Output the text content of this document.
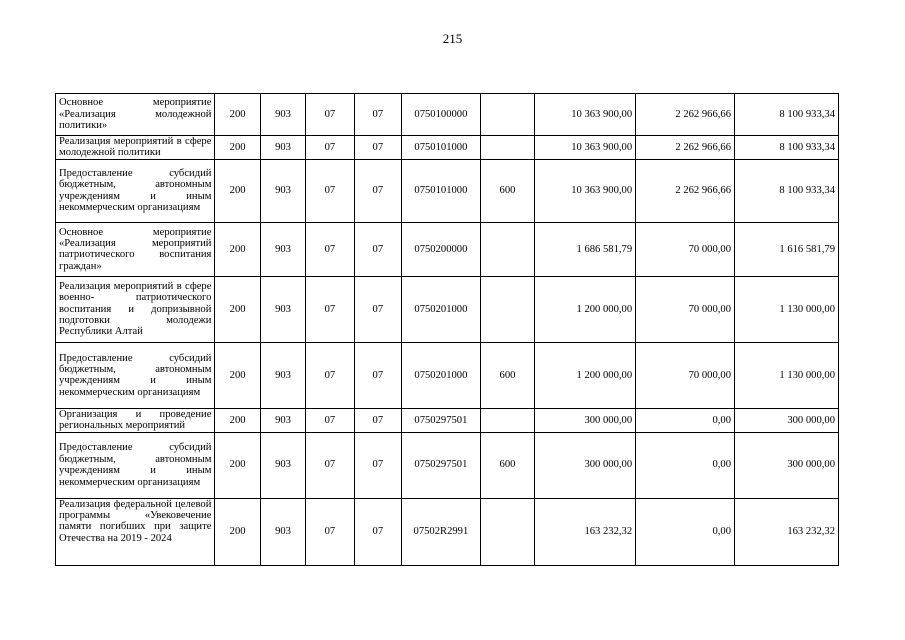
215
Основное мероприятие «Реализация молодежной политики»	200	903	07	07	0750100000		10 363 900,00	2 262 966,66	8 100 933,34

Реализация мероприятий в сфере молодежной политики	200	903	07	07	0750101000		10 363 900,00	2 262 966,66	8 100 933,34

Предоставление субсидий бюджетным, автономным учреждениям и иным некоммерческим организациям	200	903	07	07	0750101000	600	10 363 900,00	2 262 966,66	8 100 933,34

Основное мероприятие «Реализация мероприятий патриотического воспитания граждан»	200	903	07	07	0750200000		1 686 581,79	70 000,00	1 616 581,79

Реализация мероприятий в сфере военно- патриотического воспитания и допризывной подготовки молодежи Республики Алтай	200	903	07	07	0750201000		1 200 000,00	70 000,00	1 130 000,00

Предоставление субсидий бюджетным, автономным учреждениям и иным некоммерческим организациям	200	903	07	07	0750201000	600	1 200 000,00	70 000,00	1 130 000,00

Организация и проведение региональных мероприятий	200	903	07	07	0750297501		300 000,00	0,00	300 000,00

Предоставление субсидий бюджетным, автономным учреждениям и иным некоммерческим организациям	200	903	07	07	0750297501	600	300 000,00	0,00	300 000,00

Реализация федеральной целевой программы «Увековечение памяти погибших при защите Отечества на 2019 - 2024	200	903	07	07	07502R2991		163 232,32	0,00	163 232,32
